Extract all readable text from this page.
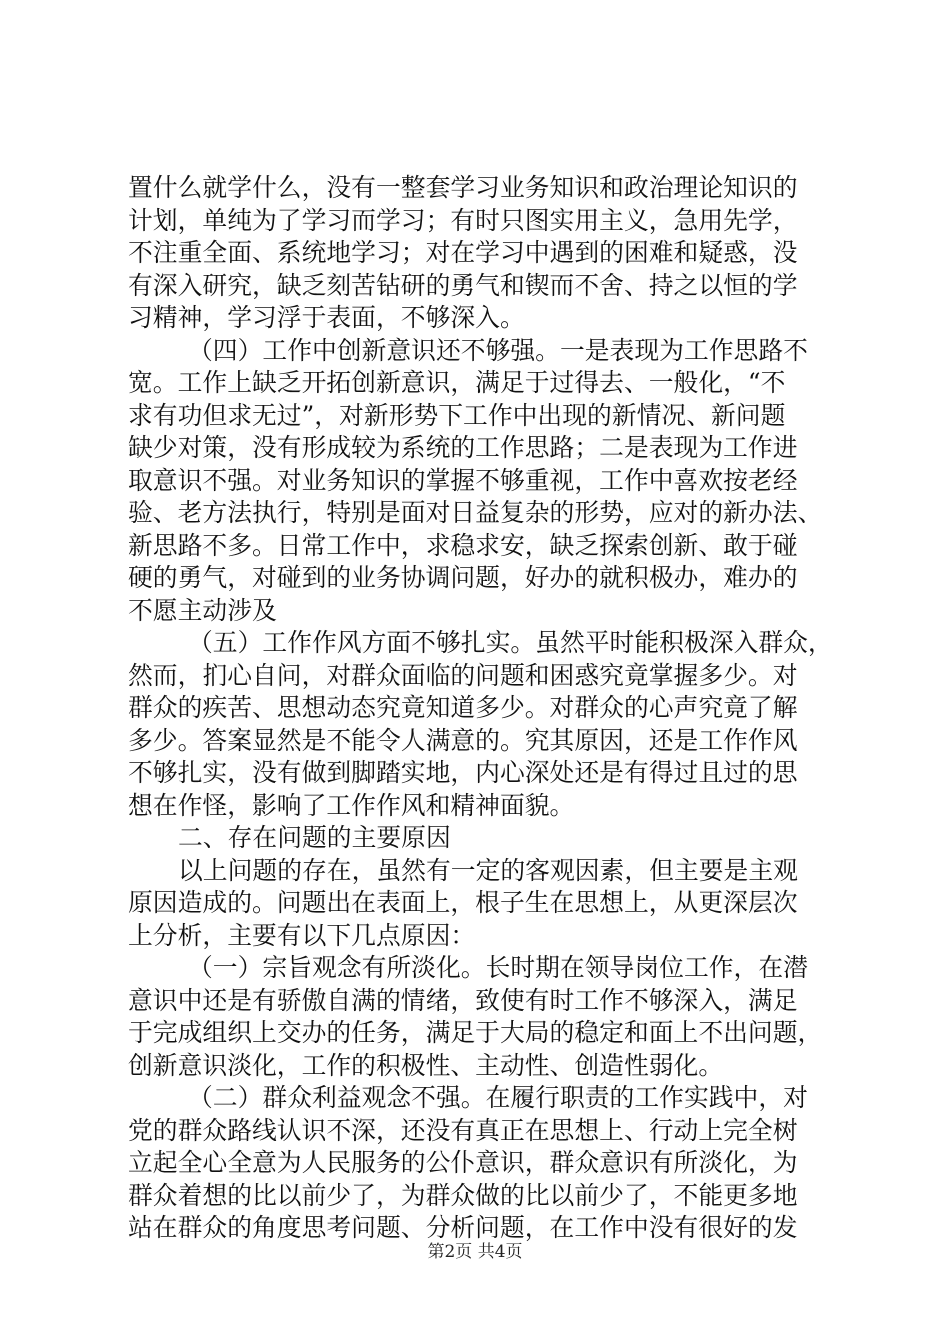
置什么就学什么，没有一整套学习业务知识和政治理论知识的
计划，单纯为了学习而学习；有时只图实用主义，急用先学，
不注重全面、系统地学习；对在学习中遇到的困难和疑惑，没
有深入研究，缺乏刻苦钻研的勇气和锲而不舍、持之以恒的学
习精神，学习浮于表面，不够深入。
（四）工作中创新意识还不够强。一是表现为工作思路不
宽。工作上缺乏开拓创新意识，满足于过得去、一般化，“不
求有功但求无过”，对新形势下工作中出现的新情况、新问题
缺少对策，没有形成较为系统的工作思路；二是表现为工作进
取意识不强。对业务知识的掌握不够重视，工作中喜欢按老经
验、老方法执行，特别是面对日益复杂的形势，应对的新办法、
新思路不多。日常工作中，求稳求安，缺乏探索创新、敢于碰
硬的勇气，对碰到的业务协调问题，好办的就积极办，难办的
不愿主动涉及
（五）工作作风方面不够扎实。虽然平时能积极深入群众，
然而，扪心自问，对群众面临的问题和困惑究竟掌握多少。对
群众的疾苦、思想动态究竟知道多少。对群众的心声究竟了解
多少。答案显然是不能令人满意的。究其原因，还是工作作风
不够扎实，没有做到脚踏实地，内心深处还是有得过且过的思
想在作怪，影响了工作作风和精神面貌。
二、存在问题的主要原因
以上问题的存在，虽然有一定的客观因素，但主要是主观
原因造成的。问题出在表面上，根子生在思想上，从更深层次
上分析，主要有以下几点原因：
（一）宗旨观念有所淡化。长时期在领导岗位工作，在潜
意识中还是有骄傲自满的情绪，致使有时工作不够深入，满足
于完成组织上交办的任务，满足于大局的稳定和面上不出问题，
创新意识淡化，工作的积极性、主动性、创造性弱化。
（二）群众利益观念不强。在履行职责的工作实践中，对
党的群众路线认识不深，还没有真正在思想上、行动上完全树
立起全心全意为人民服务的公仆意识，群众意识有所淡化，为
群众着想的比以前少了，为群众做的比以前少了，不能更多地
站在群众的角度思考问题、分析问题，在工作中没有很好的发
第2页 共4页
